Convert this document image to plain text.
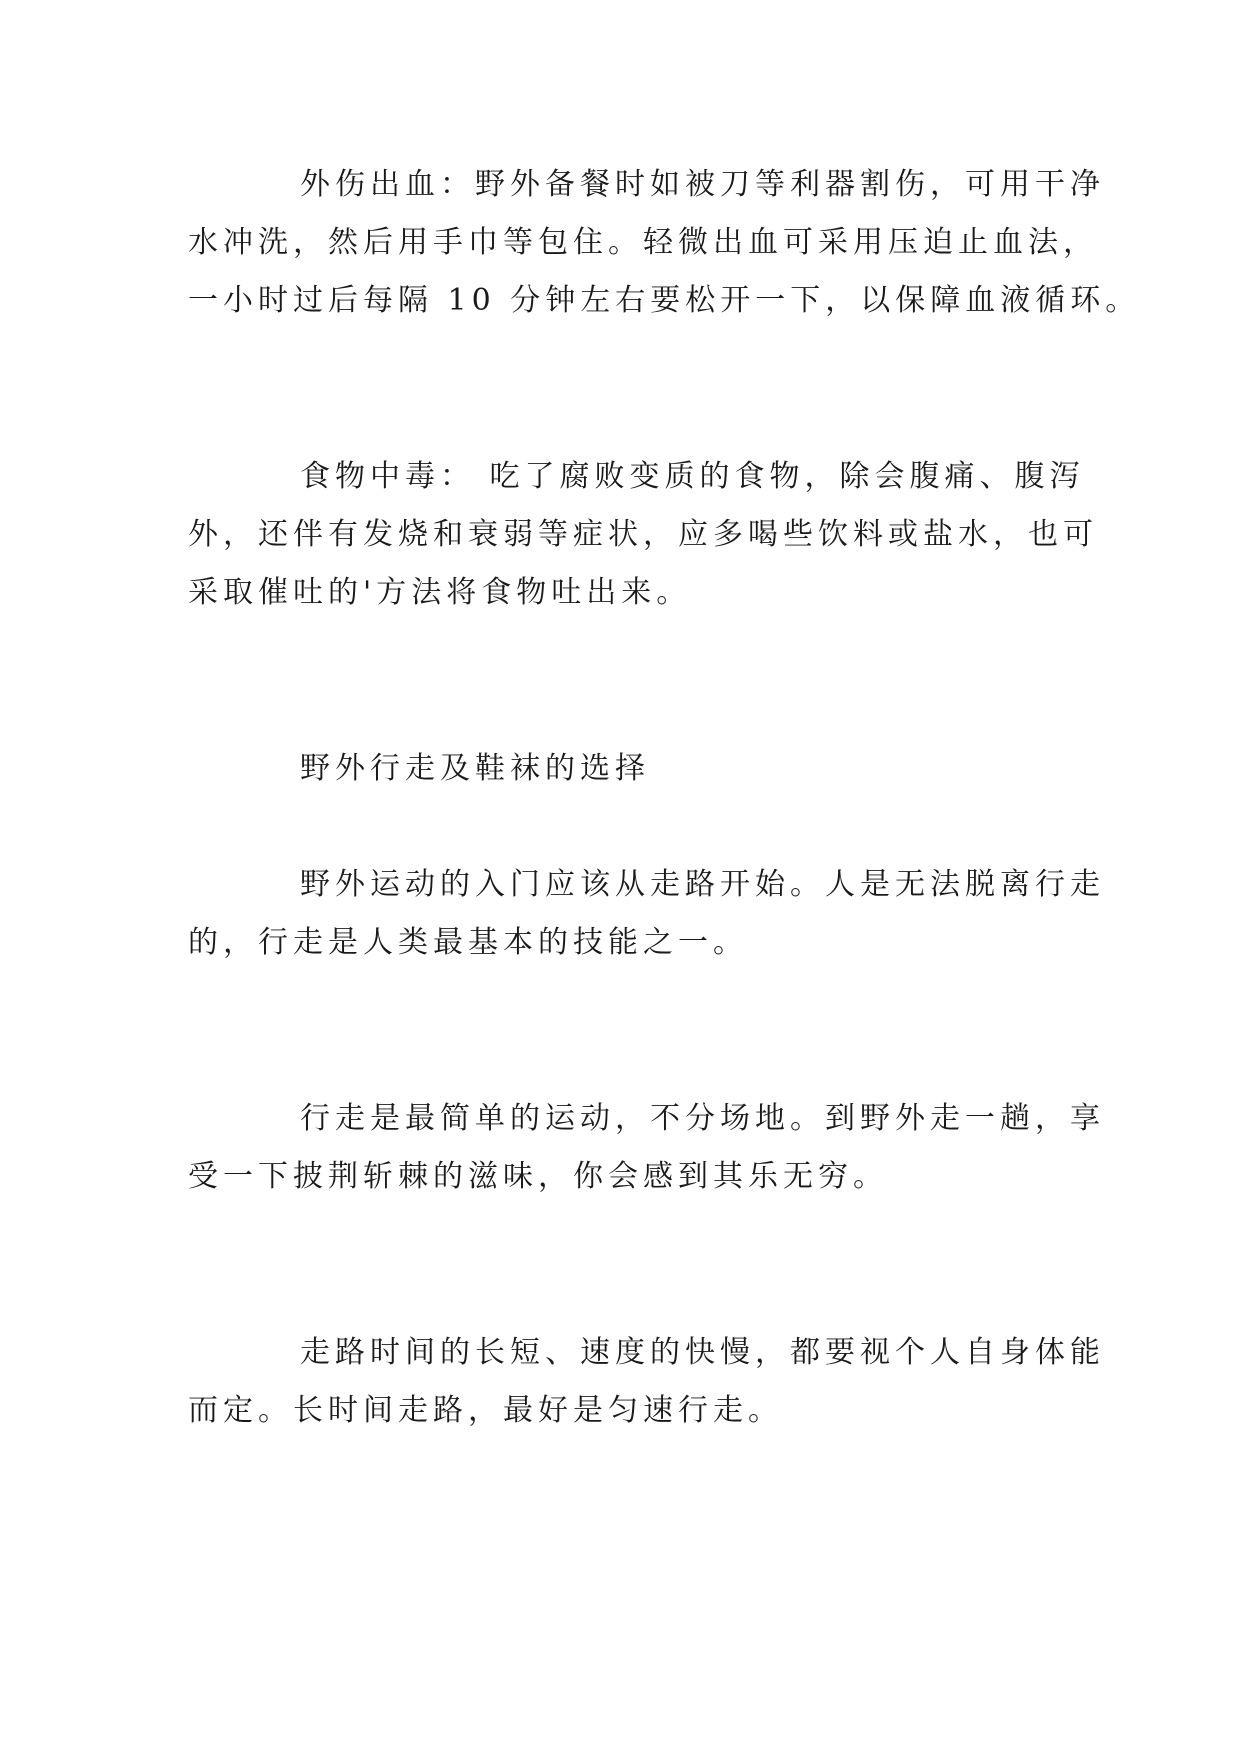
外伤出血：野外备餐时如被刀等利器割伤，可用干净
水冲洗，然后用手巾等包住。轻微出血可采用压迫止血法，
一小时过后每隔 10 分钟左右要松开一下，以保障血液循环。
食物中毒： 吃了腐败变质的食物，除会腹痛、腹泻
外，还伴有发烧和衰弱等症状，应多喝些饮料或盐水，也可
采取催吐的'方法将食物吐出来。
野外行走及鞋袜的选择
野外运动的入门应该从走路开始。人是无法脱离行走
的，行走是人类最基本的技能之一。
行走是最简单的运动，不分场地。到野外走一趟，享
受一下披荆斩棘的滋味，你会感到其乐无穷。
走路时间的长短、速度的快慢，都要视个人自身体能
而定。长时间走路，最好是匀速行走。
